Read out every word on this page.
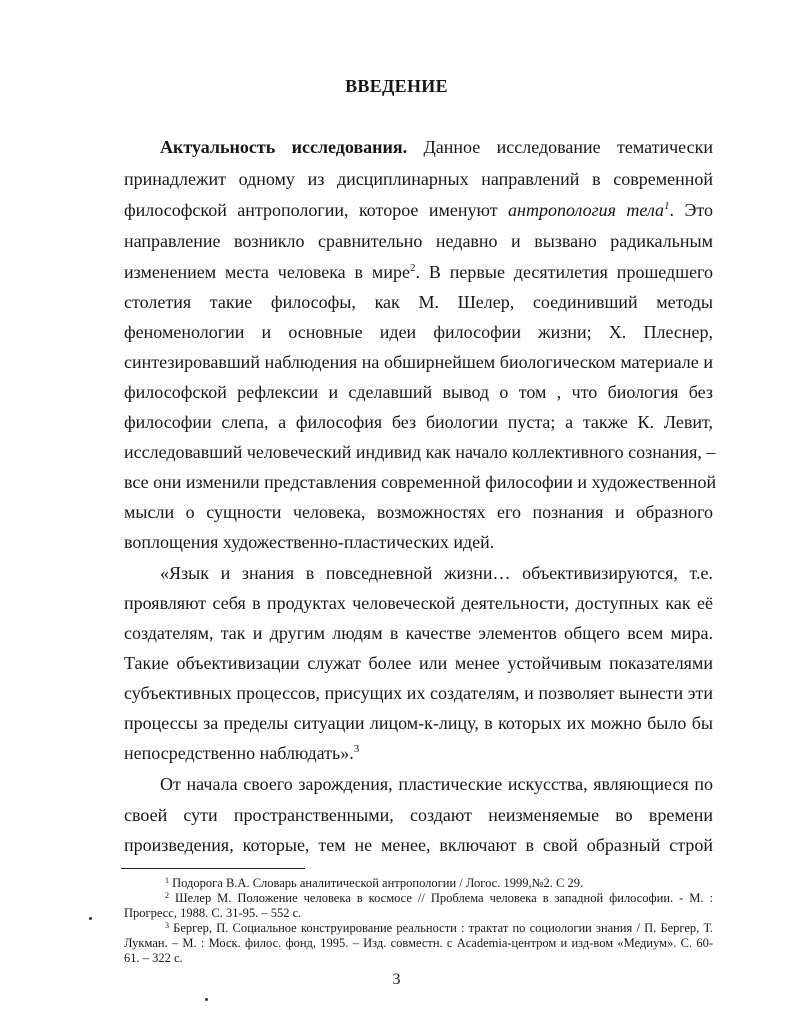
ВВЕДЕНИЕ
Актуальность исследования. Данное исследование тематически
принадлежит одному из дисциплинарных направлений в современной
философской антропологии, которое именуют антропология тела$^1$. Это
направление возникло сравнительно недавно и вызвано радикальным
изменением места человека в мире$^2$. В первые десятилетия прошедшего
столетия такие философы, как М. Шелер, соединивший методы
феноменологии и основные идеи философии жизни; Х. Плеснер,
синтезировавший наблюдения на обширнейшем биологическом материале и
философской рефлексии и сделавший вывод о том , что биология без
философии слепа, а философия без биологии пуста; а также К. Левит,
исследовавший человеческий индивид как начало коллективного сознания, –
все они изменили представления современной философии и художественной
мысли о сущности человека, возможностях его познания и образного
воплощения художественно-пластических идей.
«Язык и знания в повседневной жизни… объективизируются, т.е.
проявляют себя в продуктах человеческой деятельности, доступных как её
создателям, так и другим людям в качестве элементов общего всем мира.
Такие объективизации служат более или менее устойчивым показателями
субъективных процессов, присущих их создателям, и позволяет вынести эти
процессы за пределы ситуации лицом-к-лицу, в которых их можно было бы
непосредственно наблюдать».$^3$
От начала своего зарождения, пластические искусства, являющиеся по
своей сути пространственными, создают неизменяемые во времени
произведения, которые, тем не менее, включают в свой образный строй
$^1$ Подорога В.А. Словарь аналитической антропологии / Логос. 1999,№2. С 29.
$^2$ Шелер М. Положение человека в космосе // Проблема человека в западной философии. - М. :
Прогресс, 1988. С. 31-95. – 552 с.
$^3$ Бергер, П. Социальное конструирование реальности : трактат по социологии знания / П. Бергер, Т.
Лукман. – М. : Моск. филос. фонд, 1995. – Изд. совместн. с Academia-центром и изд-вом «Медиум». С. 60-
61. – 322 с.
3
